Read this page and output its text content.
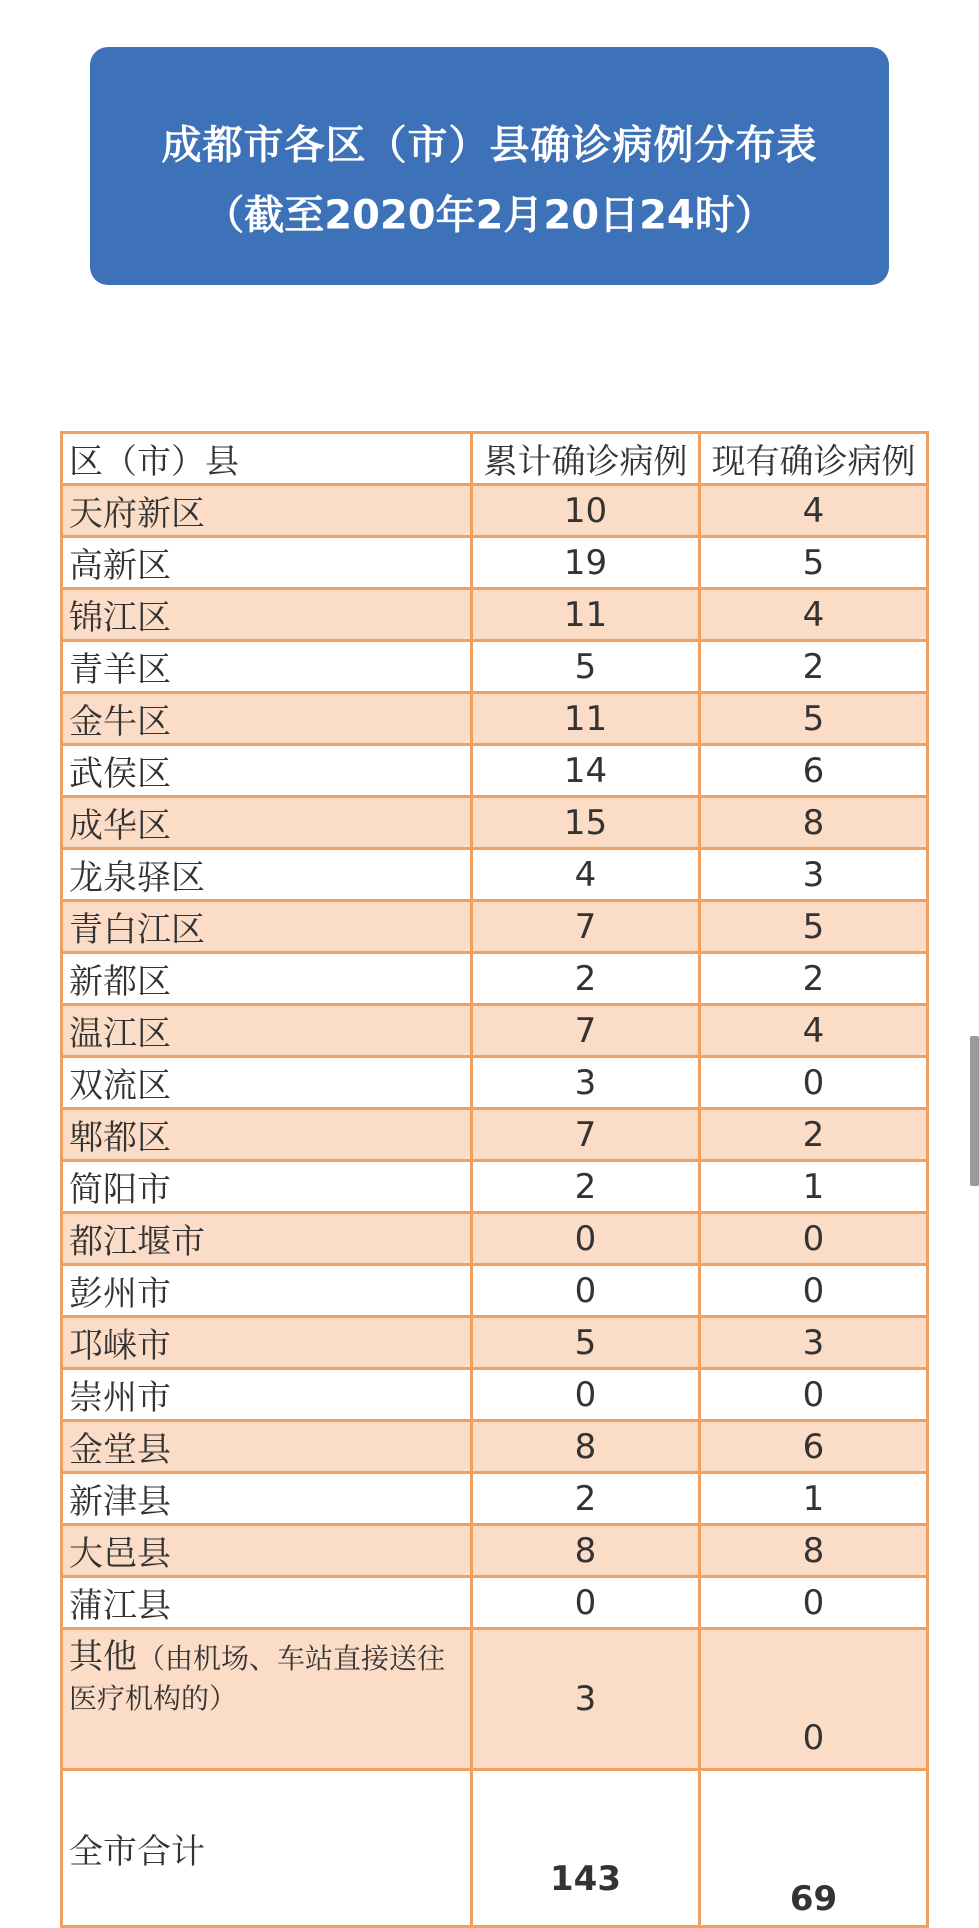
成都市各区（市）县确诊病例分布表
（截至2020年2月20日24时）
区（市）县	累计确诊病例	现有确诊病例
天府新区	10	4
高新区	19	5
锦江区	11	4
青羊区	5	2
金牛区	11	5
武侯区	14	6
成华区	15	8
龙泉驿区	4	3
青白江区	7	5
新都区	2	2
温江区	7	4
双流区	3	0
郫都区	7	2
简阳市	2	1
都江堰市	0	0
彭州市	0	0
邛崃市	5	3
崇州市	0	0
金堂县	8	6
新津县	2	1
大邑县	8	8
蒲江县	0	0
其他（由机场、车站直接送往医疗机构的）	3	0
全市合计	143	69
